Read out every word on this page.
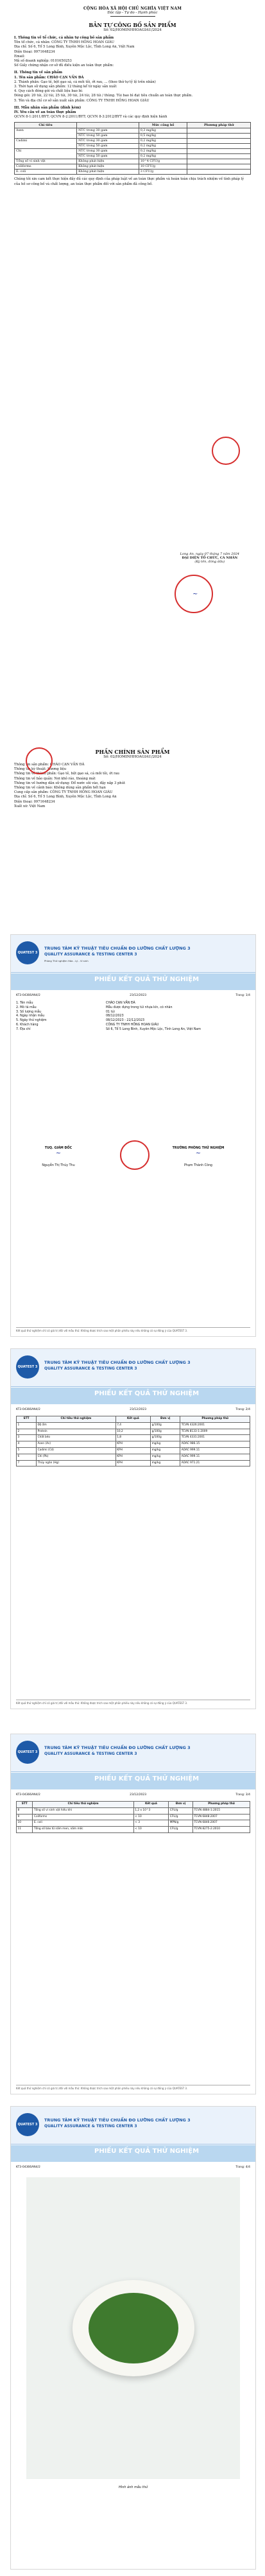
CỘNG HÒA XÃ HỘI CHỦ NGHĨA VIỆT NAM
Độc lập - Tự do - Hạnh phúc
BẢN TỰ CÔNG BỐ SẢN PHẨM
Số: 02/HOMINHHOAGIAU/2024
I. Thông tin về tổ chức, cá nhân tự công bố sản phẩm
Tên tổ chức, cá nhân: CÔNG TY TNHH HỒNG HOAN GIÀU
Địa chỉ: Số 6, Tổ 5 Long Bình, Xuyên Mộc Lộc, Tỉnh Long An, Việt Nam
Điện thoại: 0971648234
Email:
Mã số doanh nghiệp: 0101650253
Số Giấy chứng nhận cơ sở đủ điều kiện an toàn thực phẩm:
II. Thông tin về sản phẩm
1. Tên sản phẩm: CHÁO CẠN VẦN ĐÀ
2. Thành phần: Gạo tẻ, bột gạo sá, cá mồi tỏi, ớt rau, ... (theo thứ tự tỷ lệ trên nhãn)
3. Thời hạn sử dụng sản phẩm: 12 tháng kể từ ngày sản xuất
4. Quy cách đóng gói và chất liệu bao bì:
Đóng gói: 20 túi, 22 túi, 25 túi, 30 túi, 24 túi, 28 túi / thùng. Túi bao bì đạt tiêu chuẩn an toàn thực phẩm.
5. Tên và địa chỉ cơ sở sản xuất sản phẩm: CÔNG TY TNHH HỒNG HOAN GIÀU
III. Mẫu nhãn sản phẩm (đính kèm)
IV. Yêu cầu về an toàn thực phẩm
QCVN 8-1:2011/BYT; QCVN 8-2:2011/BYT; QCVN 8-3:2012/BYT và các quy định hiện hành
Chỉ tiêu		Mức công bố	Phương pháp thử
Asen	NTC trong 30 gam	0,3 mg/kg	
	NTC trong 50 gam	0,5 mg/kg	
Cadimi	NTC trong 30 gam	0,2 mg/kg	
	NTC trong 50 gam	0,2 mg/kg	
Chì	NTC trong 30 gam	0,2 mg/kg	
	NTC trong 50 gam	0,2 mg/kg	
Tổng số vi sinh vật	Không phát hiện	10^4 CFU/g	
Coliforms	Không phát hiện	10 CFU/g	
E. coli	Không phát hiện	3 CFU/g	
Chúng tôi xin cam kết thực hiện đầy đủ các quy định của pháp luật về an toàn thực phẩm và hoàn toàn chịu trách nhiệm về tính pháp lý của hồ sơ công bố và chất lượng, an toàn thực phẩm đối với sản phẩm đã công bố.
Long An, ngày 07 tháng 7 năm 2024
ĐẠI DIỆN TỔ CHỨC, CÁ NHÂN
(Ký tên, đóng dấu)
~
PHẦN CHÍNH SẢN PHẨM
Số: 02/HOMINHHOAGIAU/2024
Thông tin sản phẩm: CHÁO CẠN VẦN ĐÀ
Thông tin kỹ thuật: Hương liệu
Thông tin về thành phần: Gạo tẻ, bột gạo sá, cá mồi tỏi, ớt rau
Thông tin về bảo quản: Nơi khô ráo, thoáng mát
Thông tin về hướng dẫn sử dụng: Đổ nước sôi vào, đậy nắp 3 phút
Thông tin về cảnh báo: Không dùng sản phẩm hết hạn
Cung cấp sản phẩm: CÔNG TY TNHH HỒNG HOAN GIÀU
Địa chỉ: Số 6, Tổ 5 Long Bình, Xuyên Mộc Lộc, Tỉnh Long An
Điện thoại: 0971648234
Xuất xứ: Việt Nam
QUATEST 3
TRUNG TÂM KỸ THUẬT TIÊU CHUẨN ĐO LƯỜNG CHẤT LƯỢNG 3
QUALITY ASSURANCE & TESTING CENTER 3
Phòng Thử nghiệm Hóa - Lý - Vi sinh
PHIẾU KẾT QUẢ THỬ NGHIỆM
KT3-04366AN4/2	23/12/2023	Trang: 1/4
1. Tên mẫu	CHÁO CẠN VẦN ĐÀ
2. Mô tả mẫu	Mẫu được đựng trong túi nhựa kín, có nhãn
3. Số lượng mẫu	01 túi
4. Ngày nhận mẫu	08/12/2023
5. Ngày thử nghiệm	08/12/2023 - 22/12/2023
6. Khách hàng	CÔNG TY TNHH HỒNG HOAN GIÀU
7. Địa chỉ	Số 6, Tổ 5 Long Bình, Xuyên Mộc Lộc, Tỉnh Long An, Việt Nam
TUQ. GIÁM ĐỐC
~
Nguyễn Thị Thúy Thu
TRƯỞNG PHÒNG THỬ NGHIỆM
~
Phạm Thành Công
Kết quả thử nghiệm chỉ có giá trị đối với mẫu thử. Không được trích sao một phần phiếu này nếu không có sự đồng ý của QUATEST 3.
QUATEST 3
TRUNG TÂM KỸ THUẬT TIÊU CHUẨN ĐO LƯỜNG CHẤT LƯỢNG 3
QUALITY ASSURANCE & TESTING CENTER 3
PHIẾU KẾT QUẢ THỬ NGHIỆM
KT3-04366AN4/2	23/12/2023	Trang: 2/4
STT	Chỉ tiêu thử nghiệm	Kết quả	Đơn vị	Phương pháp thử
1	Độ ẩm	7,4	g/100g	TCVN 4326:2001
2	Protein	10,2	g/100g	TCVN 8133-1:2009
3	Chất béo	1,8	g/100g	TCVN 4331:2001
4	Asen (As)	KPH	mg/kg	AOAC 986.15
5	Cadimi (Cd)	KPH	mg/kg	AOAC 999.11
6	Chì (Pb)	KPH	mg/kg	AOAC 999.11
7	Thủy ngân (Hg)	KPH	mg/kg	AOAC 971.21
Kết quả thử nghiệm chỉ có giá trị đối với mẫu thử. Không được trích sao một phần phiếu này nếu không có sự đồng ý của QUATEST 3.
QUATEST 3
TRUNG TÂM KỸ THUẬT TIÊU CHUẨN ĐO LƯỜNG CHẤT LƯỢNG 3
QUALITY ASSURANCE & TESTING CENTER 3
PHIẾU KẾT QUẢ THỬ NGHIỆM
KT3-04366AN4/2	23/12/2023	Trang: 3/4
STT	Chỉ tiêu thử nghiệm	Kết quả	Đơn vị	Phương pháp thử
8	Tổng số vi sinh vật hiếu khí	1,2 x 10^3	CFU/g	TCVN 4884-1:2015
9	Coliforms	< 10	CFU/g	TCVN 6848:2007
10	E. coli	< 3	MPN/g	TCVN 6846:2007
11	Tổng số bào tử nấm men, nấm mốc	< 10	CFU/g	TCVN 8275-2:2010
Kết quả thử nghiệm chỉ có giá trị đối với mẫu thử. Không được trích sao một phần phiếu này nếu không có sự đồng ý của QUATEST 3.
QUATEST 3
TRUNG TÂM KỸ THUẬT TIÊU CHUẨN ĐO LƯỜNG CHẤT LƯỢNG 3
QUALITY ASSURANCE & TESTING CENTER 3
PHIẾU KẾT QUẢ THỬ NGHIỆM
KT3-04366AN4/2	Trang: 4/4
Hình ảnh mẫu thử
